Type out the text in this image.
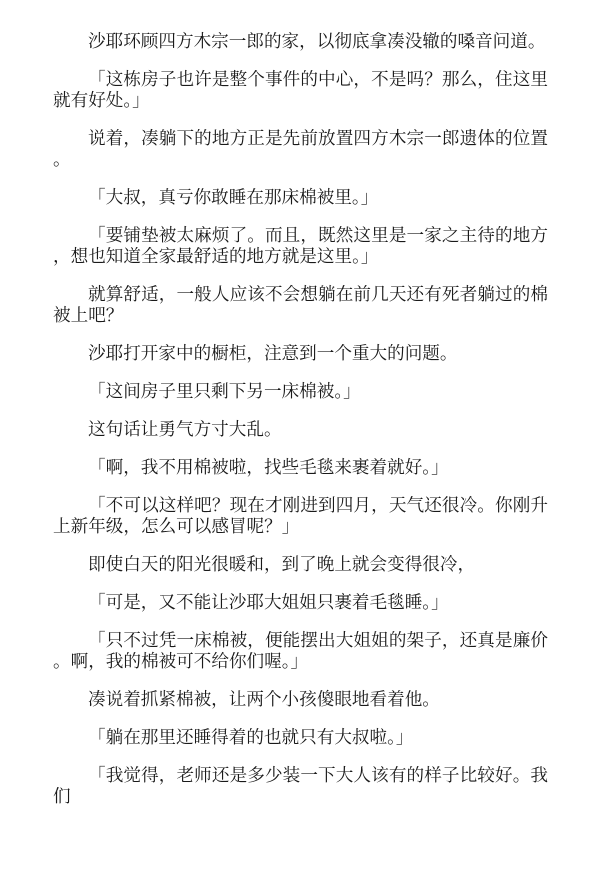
沙耶环顾四方木宗一郎的家，以彻底拿凑没辙的嗓音问道。

「这栋房子也许是整个事件的中心，不是吗？那么，住这里就有好处。」

说着，凑躺下的地方正是先前放置四方木宗一郎遗体的位置。

「大叔，真亏你敢睡在那床棉被里。」

「要铺垫被太麻烦了。而且，既然这里是一家之主待的地方，想也知道全家最舒适的地方就是这里。」

就算舒适，一般人应该不会想躺在前几天还有死者躺过的棉被上吧？

沙耶打开家中的橱柜，注意到一个重大的问题。

「这间房子里只剩下另一床棉被。」

这句话让勇气方寸大乱。

「啊，我不用棉被啦，找些毛毯来裹着就好。」

「不可以这样吧？现在才刚进到四月，天气还很冷。你刚升上新年级，怎么可以感冒呢？」

即使白天的阳光很暖和，到了晚上就会变得很冷，

「可是，又不能让沙耶大姐姐只裹着毛毯睡。」

「只不过凭一床棉被，便能摆出大姐姐的架子，还真是廉价。啊，我的棉被可不给你们喔。」

凑说着抓紧棉被，让两个小孩傻眼地看着他。

「躺在那里还睡得着的也就只有大叔啦。」

「我觉得，老师还是多少装一下大人该有的样子比较好。我们
